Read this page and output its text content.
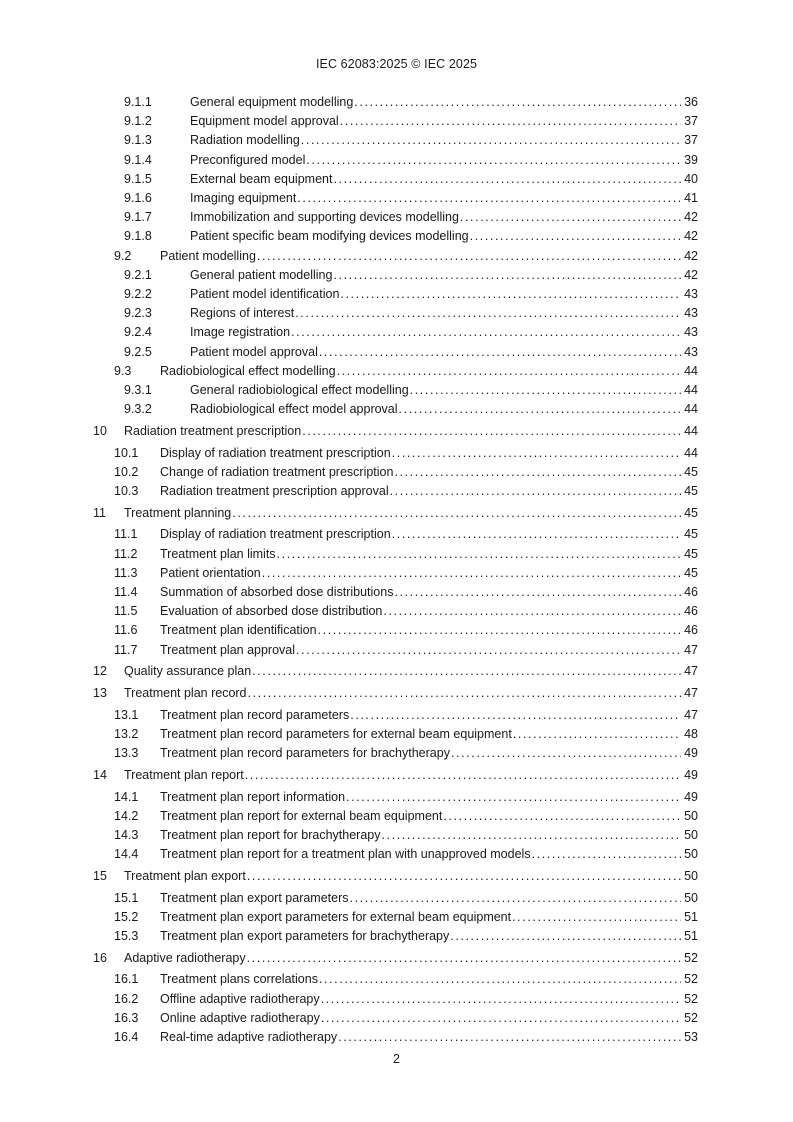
IEC 62083:2025 © IEC 2025
9.1.1	General equipment modelling .....	36
9.1.2	Equipment model approval .....	37
9.1.3	Radiation modelling .....	37
9.1.4	Preconfigured model .....	39
9.1.5	External beam equipment .....	40
9.1.6	Imaging equipment .....	41
9.1.7	Immobilization and supporting devices modelling .....	42
9.1.8	Patient specific beam modifying devices modelling .....	42
9.2 Patient modelling .....	42
9.2.1	General patient modelling .....	42
9.2.2	Patient model identification .....	43
9.2.3	Regions of interest .....	43
9.2.4	Image registration .....	43
9.2.5	Patient model approval .....	43
9.3 Radiobiological effect modelling .....	44
9.3.1	General radiobiological effect modelling .....	44
9.3.2	Radiobiological effect model approval .....	44
10 Radiation treatment prescription .....	44
10.1 Display of radiation treatment prescription .....	44
10.2 Change of radiation treatment prescription .....	45
10.3 Radiation treatment prescription approval .....	45
11 Treatment planning .....	45
11.1 Display of radiation treatment prescription .....	45
11.2 Treatment plan limits .....	45
11.3 Patient orientation .....	45
11.4 Summation of absorbed dose distributions .....	46
11.5 Evaluation of absorbed dose distribution .....	46
11.6 Treatment plan identification .....	46
11.7 Treatment plan approval .....	47
12 Quality assurance plan .....	47
13 Treatment plan record .....	47
13.1 Treatment plan record parameters .....	47
13.2 Treatment plan record parameters for external beam equipment .....	48
13.3 Treatment plan record parameters for brachytherapy .....	49
14 Treatment plan report .....	49
14.1 Treatment plan report information .....	49
14.2 Treatment plan report for external beam equipment .....	50
14.3 Treatment plan report for brachytherapy .....	50
14.4 Treatment plan report for a treatment plan with unapproved models .....	50
15 Treatment plan export .....	50
15.1 Treatment plan export parameters .....	50
15.2 Treatment plan export parameters for external beam equipment .....	51
15.3 Treatment plan export parameters for brachytherapy .....	51
16 Adaptive radiotherapy .....	52
16.1 Treatment plans correlations .....	52
16.2 Offline adaptive radiotherapy .....	52
16.3 Online adaptive radiotherapy .....	52
16.4 Real-time adaptive radiotherapy .....	53
2
